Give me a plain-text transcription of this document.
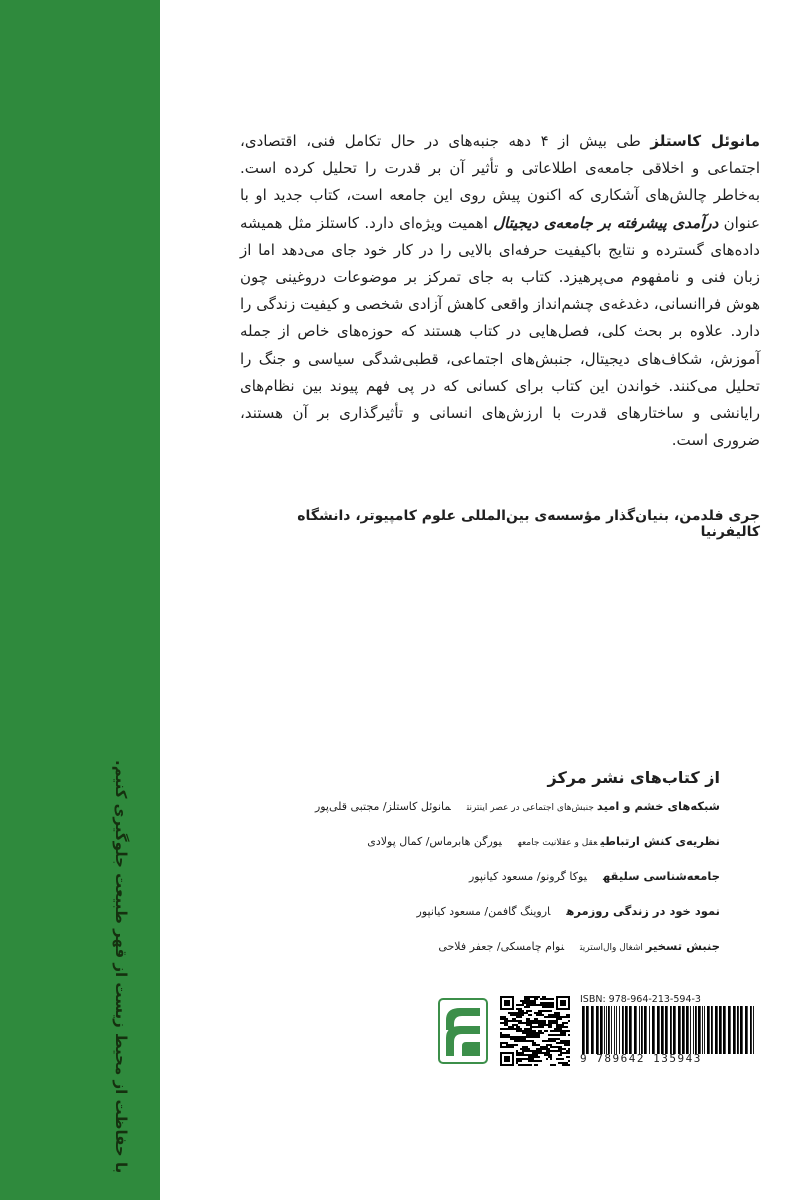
با حفاظت از محیط زیست از قهر طبیعت جلوگیری کنیم.
مانوئل کاستلز طی بیش از ۴ دهه جنبه‌های در حال تکامل فنی، اقتصادی، اجتماعی و اخلاقی جامعه‌ی اطلاعاتی و تأثیر آن بر قدرت را تحلیل کرده است. به‌خاطر چالش‌های آشکاری که اکنون پیش روی این جامعه است، کتاب جدید او با عنوان درآمدی پیشرفته بر جامعه‌ی دیجیتال اهمیت ویژه‌ای دارد. کاستلز مثل همیشه داده‌های گسترده و نتایج باکیفیت حرفه‌ای بالایی را در کار خود جای می‌دهد اما از زبان فنی و نامفهوم می‌پرهیزد. کتاب به جای تمرکز بر موضوعات دروغینی چون هوش فراانسانی، دغدغه‌ی چشم‌انداز واقعی کاهش آزادی شخصی و کیفیت زندگی را دارد. علاوه بر بحث کلی، فصل‌هایی در کتاب هستند که حوزه‌های خاص از جمله آموزش، شکاف‌های دیجیتال، جنبش‌های اجتماعی، قطبی‌شدگی سیاسی و جنگ را تحلیل می‌کنند. خواندن این کتاب برای کسانی که در پی فهم پیوند بین نظام‌های رایانشی و ساختارهای قدرت با ارزش‌های انسانی و تأثیرگذاری بر آن هستند، ضروری است.
جری فلدمن، بنیان‌گذار مؤسسه‌ی بین‌المللی علوم کامپیوتر، دانشگاه کالیفرنیا
از کتاب‌های نشر مرکز
شبکه‌های خشم و امیدجنبش‌های اجتماعی در عصر اینترنتمانوئل کاستلز/ مجتبی قلی‌پور
نظریه‌ی کنش ارتباطیعقل و عقلانیت جامعهیورگن هابرماس/ کمال پولادی
جامعه‌شناسی سلیقهیوکا گرونو/ مسعود کیانپور
نمود خود در زندگی روزمرهاروینگ گافمن/ مسعود کیانپور
جنبش تسخیراشغال وال‌استریتنوام چامسکی/ جعفر فلاحی
ISBN: 978-964-213-594-3
9 789642 135943
